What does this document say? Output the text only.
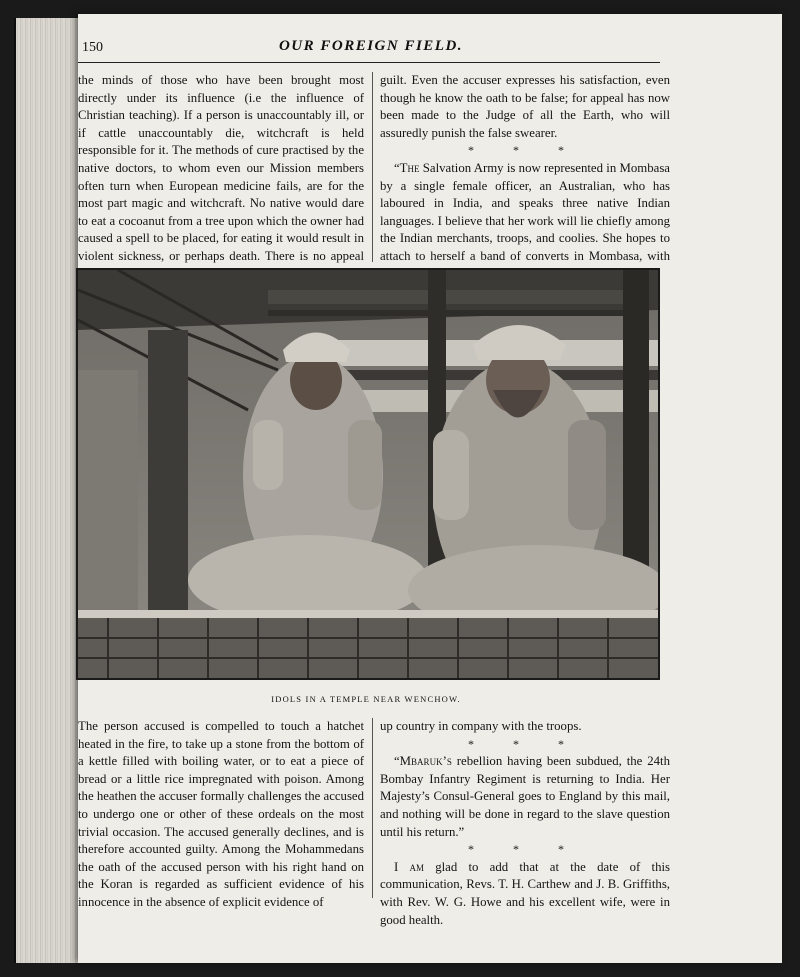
150	OUR FOREIGN FIELD.

the minds of those who have been brought most directly under its influence (i.e the influence of Christian teaching). If a person is unaccountably ill, or if cattle unaccountably die, witchcraft is held responsible for it. The methods of cure practised by the native doctors, to whom even our Mission members often turn when European medicine fails, are for the most part magic and witchcraft. No native would dare to eat a cocoanut from a tree upon which the owner had caused a spell to be placed, for eating it would result in violent sickness, or perhaps death. There is no appeal

guilt. Even the accuser expresses his satisfaction, even though he know the oath to be false; for appeal has now been made to the Judge of all the Earth, who will assuredly punish the false swearer.

* * *

“The Salvation Army is now represented in Mombasa by a single female officer, an Australian, who has laboured in India, and speaks three native Indian languages. I believe that her work will lie chiefly among the Indian merchants, troops, and coolies. She hopes to attach to herself a band of converts in Mombasa, with

IDOLS IN A TEMPLE NEAR WENCHOW.

The person accused is compelled to touch a hatchet heated in the fire, to take up a stone from the bottom of a kettle filled with boiling water, or to eat a piece of bread or a little rice impregnated with poison. Among the heathen the accuser formally challenges the accused to undergo one or other of these ordeals on the most trivial occasion. The accused generally declines, and is therefore accounted guilty. Among the Mohammedans the oath of the accused person with his right hand on the Koran is regarded as sufficient evidence of his innocence in the absence of explicit evidence of

up country in company with the troops.

* * *

“Mbaruk’s rebellion having been subdued, the 24th Bombay Infantry Regiment is returning to India. Her Majesty’s Consul-General goes to England by this mail, and nothing will be done in regard to the slave question until his return.”

* * *

I am glad to add that at the date of this communication, Revs. T. H. Carthew and J. B. Griffiths, with Rev. W. G. Howe and his excellent wife, were in good health.
